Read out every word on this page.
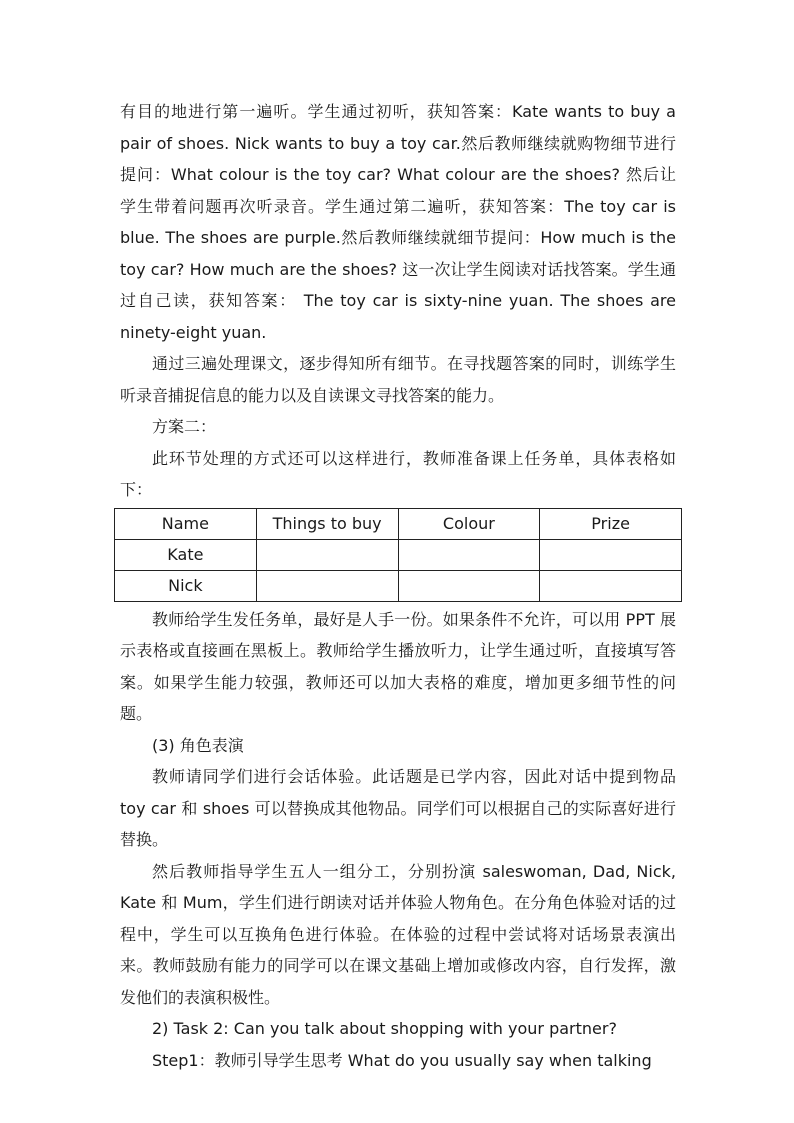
有目的地进行第一遍听。学生通过初听，获知答案：Kate wants to buy a

pair of shoes. Nick wants to buy a toy car.然后教师继续就购物细节进行

提问：What colour is the toy car? What colour are the shoes? 然后让

学生带着问题再次听录音。学生通过第二遍听，获知答案：The toy car is

blue. The shoes are purple.然后教师继续就细节提问：How much is the

toy car? How much are the shoes? 这一次让学生阅读对话找答案。学生通

过自己读，获知答案： The toy car is sixty-nine yuan. The shoes are

ninety-eight yuan.

通过三遍处理课文，逐步得知所有细节。在寻找题答案的同时，训练学生听录音捕捉信息的能力以及自读课文寻找答案的能力。

方案二：

此环节处理的方式还可以这样进行，教师准备课上任务单，具体表格如下：

Name	Things to buy	Colour	Prize
Kate			
Nick			

教师给学生发任务单，最好是人手一份。如果条件不允许，可以用 PPT 展示表格或直接画在黑板上。教师给学生播放听力，让学生通过听，直接填写答案。如果学生能力较强，教师还可以加大表格的难度，增加更多细节性的问题。

(3) 角色表演

教师请同学们进行会话体验。此话题是已学内容，因此对话中提到物品 toy car 和 shoes 可以替换成其他物品。同学们可以根据自己的实际喜好进行替换。

然后教师指导学生五人一组分工，分别扮演 saleswoman, Dad, Nick, Kate 和 Mum，学生们进行朗读对话并体验人物角色。在分角色体验对话的过程中，学生可以互换角色进行体验。在体验的过程中尝试将对话场景表演出来。教师鼓励有能力的同学可以在课文基础上增加或修改内容，自行发挥，激发他们的表演积极性。

2) Task 2: Can you talk about shopping with your partner?

Step1：教师引导学生思考 What do you usually say when talking
